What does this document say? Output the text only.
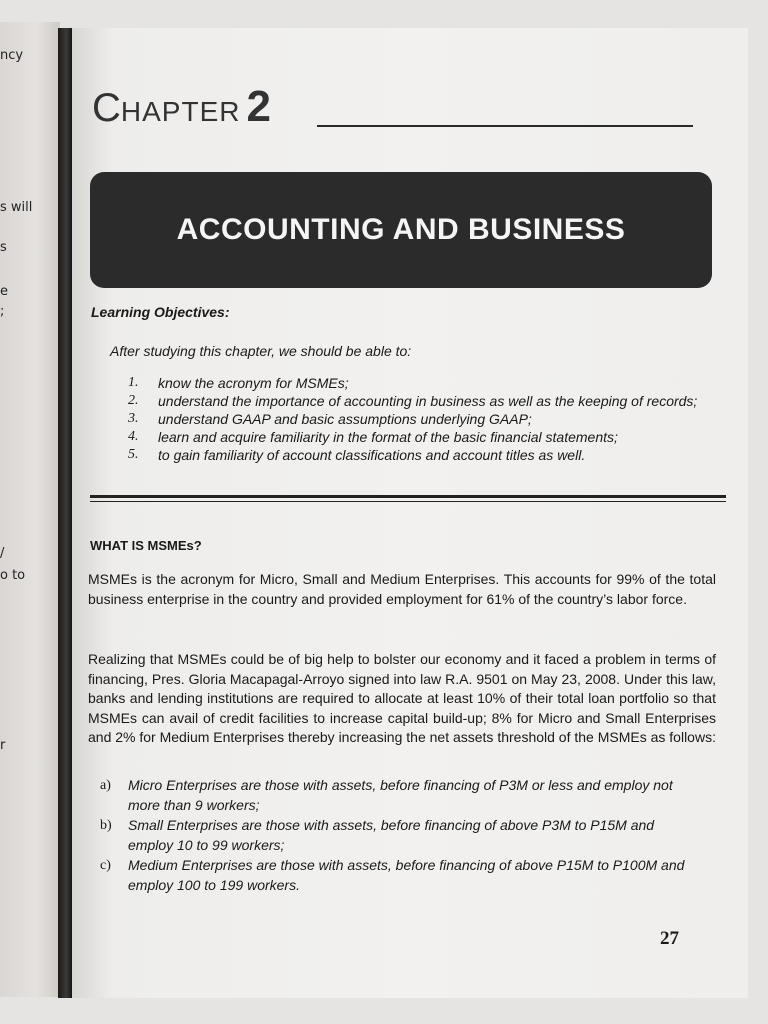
ncy
s will
s
e
;
/
o to
r
CHAPTER 2
ACCOUNTING AND BUSINESS
Learning Objectives:
After studying this chapter, we should be able to:
1.	know the acronym for MSMEs;
2.	understand the importance of accounting in business as well as the keeping of records;
3.	understand GAAP and basic assumptions underlying GAAP;
4.	learn and acquire familiarity in the format of the basic financial statements;
5.	to gain familiarity of account classifications and account titles as well.
WHAT IS MSMEs?

MSMEs is the acronym for Micro, Small and Medium Enterprises. This accounts for 99% of the total business enterprise in the country and provided employment for 61% of the country’s labor force.

Realizing that MSMEs could be of big help to bolster our economy and it faced a problem in terms of financing, Pres. Gloria Macapagal-Arroyo signed into law R.A. 9501 on May 23, 2008. Under this law, banks and lending institutions are required to allocate at least 10% of their total loan portfolio so that MSMEs can avail of credit facilities to increase capital build-up; 8% for Micro and Small Enterprises and 2% for Medium Enterprises thereby increasing the net assets threshold of the MSMEs as follows:

a)	Micro Enterprises are those with assets, before financing of P3M or less and employ not more than 9 workers;
b)	Small Enterprises are those with assets, before financing of above P3M to P15M and employ 10 to 99 workers;
c)	Medium Enterprises are those with assets, before financing of above P15M to P100M and employ 100 to 199 workers.
27
